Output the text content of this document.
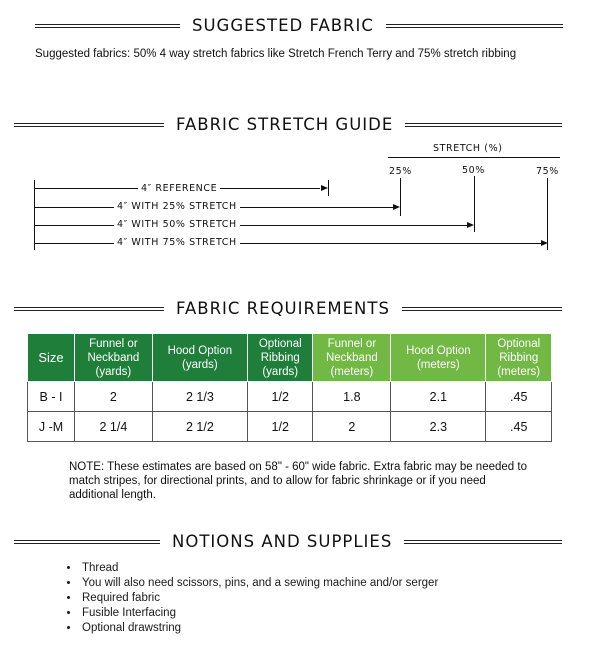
SUGGESTED FABRIC
Suggested fabrics: 50% 4 way stretch fabrics like Stretch French Terry and 75% stretch ribbing
FABRIC STRETCH GUIDE
STRETCH (%)
25%	50%	75%
4″ REFERENCE
4″ WITH 25% STRETCH
4″ WITH 50% STRETCH
4″ WITH 75% STRETCH
FABRIC REQUIREMENTS
Size	Funnel or
Neckband
(yards)	Hood Option
(yards)	Optional
Ribbing
(yards)	Funnel or
Neckband
(meters)	Hood Option
(meters)	Optional
Ribbing
(meters)
B - I	2	2 1/3	1/2	1.8	2.1	.45
J -M	2 1/4	2 1/2	1/2	2	2.3	.45
NOTE: These estimates are based on 58" - 60" wide fabric. Extra fabric may be needed to match stripes, for directional prints, and to allow for fabric shrinkage or if you need additional length.
NOTIONS AND SUPPLIES
• Thread
• You will also need scissors, pins, and a sewing machine and/or serger
• Required fabric
• Fusible Interfacing
• Optional drawstring
